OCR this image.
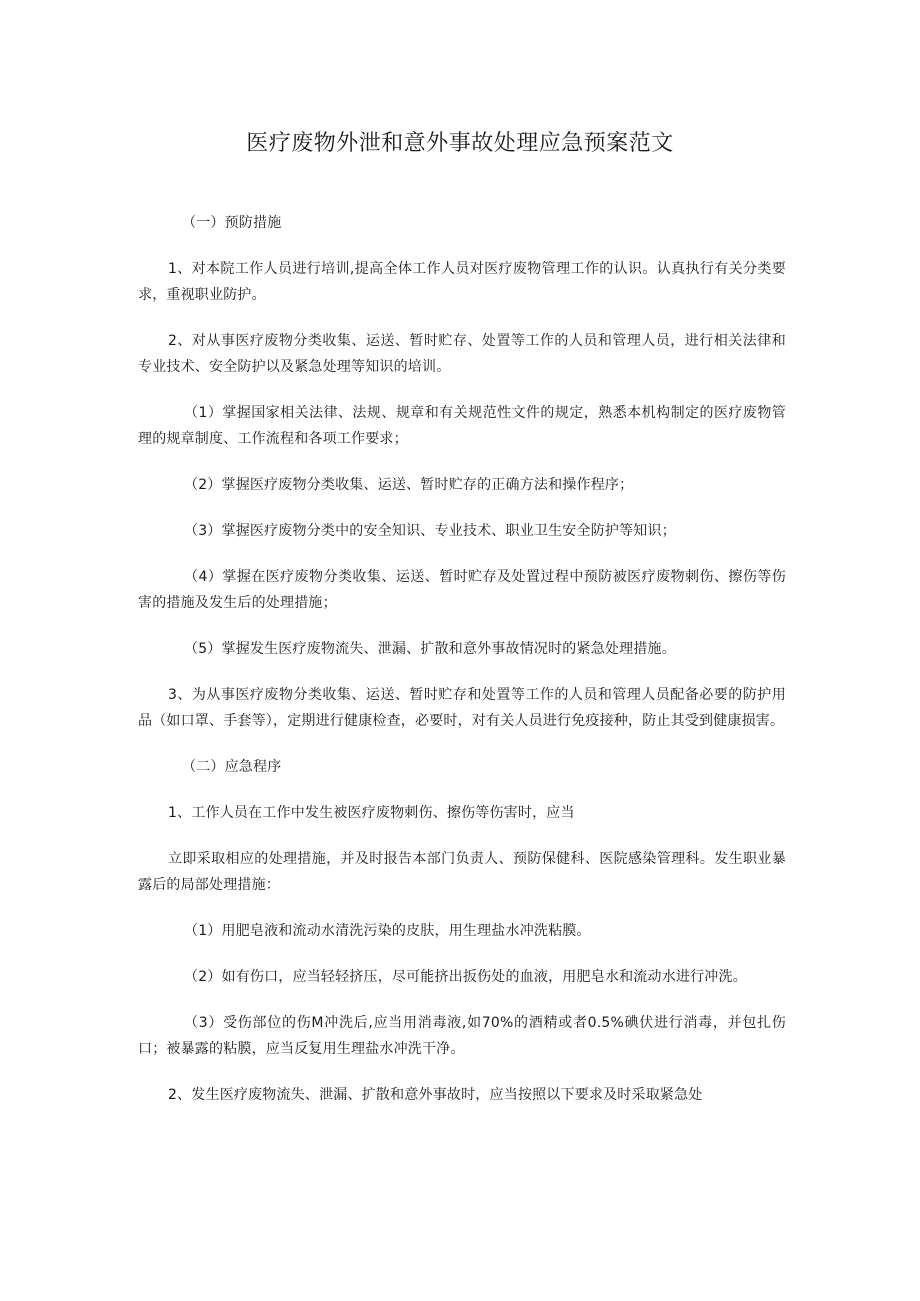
医疗废物外泄和意外事故处理应急预案范文

（一）预防措施

1、对本院工作人员进行培训,提高全体工作人员对医疗废物管理工作的认识。认真执行有关分类要求，重视职业防护。

2、对从事医疗废物分类收集、运送、暂时贮存、处置等工作的人员和管理人员，进行相关法律和专业技术、安全防护以及紧急处理等知识的培训。

（1）掌握国家相关法律、法规、规章和有关规范性文件的规定，熟悉本机构制定的医疗废物管理的规章制度、工作流程和各项工作要求；

（2）掌握医疗废物分类收集、运送、暂时贮存的正确方法和操作程序；

（3）掌握医疗废物分类中的安全知识、专业技术、职业卫生安全防护等知识；

（4）掌握在医疗废物分类收集、运送、暂时贮存及处置过程中预防被医疗废物刺伤、擦伤等伤害的措施及发生后的处理措施；

（5）掌握发生医疗废物流失、泄漏、扩散和意外事故情况时的紧急处理措施。

3、为从事医疗废物分类收集、运送、暂时贮存和处置等工作的人员和管理人员配备必要的防护用品（如口罩、手套等），定期进行健康检查，必要时，对有关人员进行免疫接种，防止其受到健康损害。

（二）应急程序

1、工作人员在工作中发生被医疗废物刺伤、擦伤等伤害时，应当

立即采取相应的处理措施，并及时报告本部门负责人、预防保健科、医院感染管理科。发生职业暴露后的局部处理措施：

（1）用肥皂液和流动水清洗污染的皮肤，用生理盐水冲洗粘膜。

（2）如有伤口，应当轻轻挤压，尽可能挤出扳伤处的血液，用肥皂水和流动水进行冲洗。

（3）受伤部位的伤M冲洗后,应当用消毒液,如70%的酒精或者0.5%碘伏进行消毒，并包扎伤口；被暴露的粘膜，应当反复用生理盐水冲洗干净。

2、发生医疗废物流失、泄漏、扩散和意外事故时，应当按照以下要求及时采取紧急处
